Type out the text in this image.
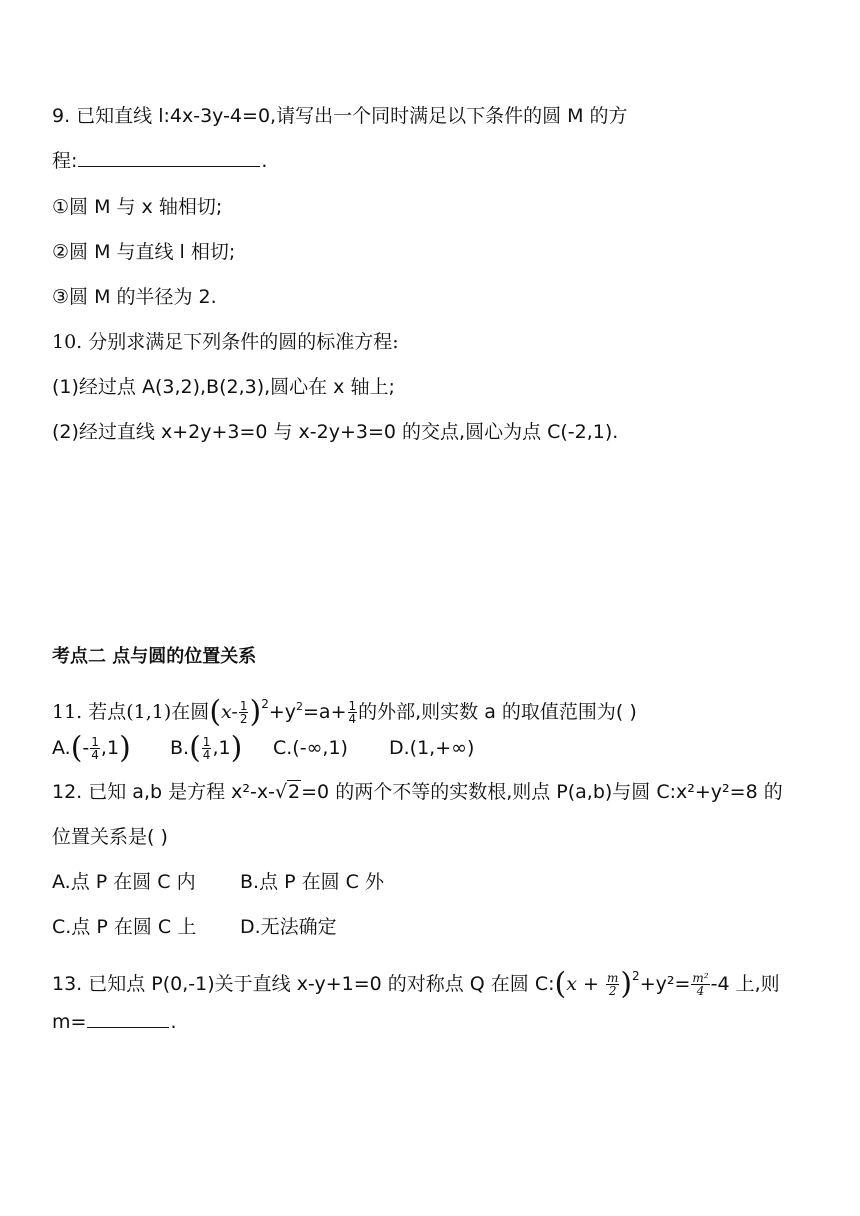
9. 已知直线 l:4x-3y-4=0,请写出一个同时满足以下条件的圆 M 的方
程:	.
①圆 M 与 x 轴相切;
②圆 M 与直线 l 相切;
③圆 M 的半径为 2.
10. 分别求满足下列条件的圆的标准方程:
(1)经过点 A(3,2),B(2,3),圆心在 x 轴上;
(2)经过直线 x+2y+3=0 与 x-2y+3=0 的交点,圆心为点 C(-2,1).
考点二 点与圆的位置关系
11. 若点(1,1)在圆$(x- \frac{1}{2} )^2+y^2=a+ \frac{1}{4}$ 的外部,则实数 a 的取值范围为( )
$A.(- \frac{1}{4} ,1)$ $B.( \frac{1}{4} ,1)$ C.(-∞,1) D.(1,+∞)
12. 已知 a,b 是方程 x²-x-√2=0 的两个不等的实数根,则点 P(a,b)与圆 C:x²+y²=8 的
位置关系是( )
A.点 P 在圆 C 内 B.点 P 在圆 C 外
C.点 P 在圆 C 上 D.无法确定
13. 已知点 P(0,-1)关于直线 x-y+1=0 的对称点 Q 在圆 C:(x + $\frac{m}{2} )^2+y^2= \frac{\text{m²}}{4} -4$ 上,则
m=	.
